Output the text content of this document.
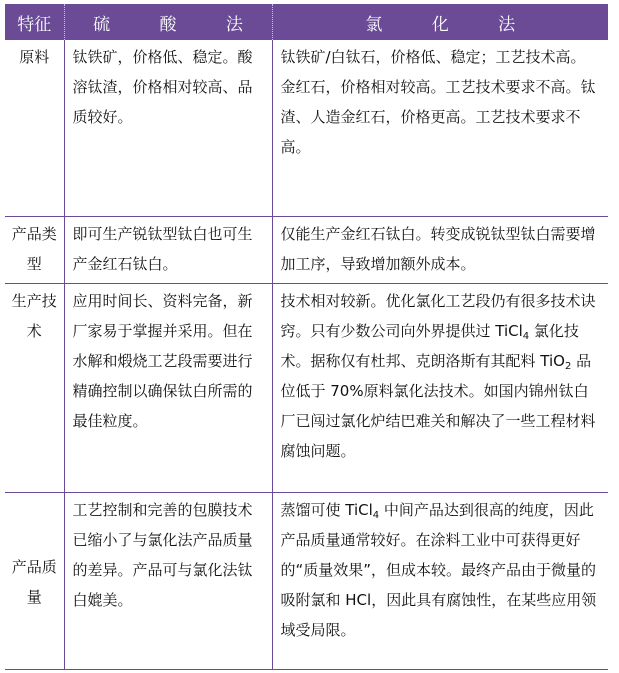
特征	硫 酸 法	氯 化 法
原料	钛铁矿，价格低、稳定。酸溶钛渣，价格相对较高、品质较好。	钛铁矿/白钛石，价格低、稳定；工艺技术高。金红石，价格相对较高。工艺技术要求不高。钛渣、人造金红石，价格更高。工艺技术要求不高。
产品类型	即可生产锐钛型钛白也可生产金红石钛白。	仅能生产金红石钛白。转变成锐钛型钛白需要增加工序，导致增加额外成本。
生产技术	应用时间长、资料完备，新厂家易于掌握并采用。但在水解和煅烧工艺段需要进行精确控制以确保钛白所需的最佳粒度。	技术相对较新。优化氯化工艺段仍有很多技术诀窍。只有少数公司向外界提供过 TiCl$_4$ 氯化技术。据称仅有杜邦、克朗洛斯有其配料 TiO$_2$ 品位低于 70%原料氯化法技术。如国内锦州钛白厂已闯过氯化炉结巴难关和解决了一些工程材料腐蚀问题。
产品质量	工艺控制和完善的包膜技术已缩小了与氯化法产品质量的差异。产品可与氯化法钛白媲美。	蒸馏可使 TiCl$_4$ 中间产品达到很高的纯度，因此产品质量通常较好。在涂料工业中可获得更好的“质量效果”，但成本较。最终产品由于微量的吸附氯和 HCl，因此具有腐蚀性，在某些应用领域受局限。
